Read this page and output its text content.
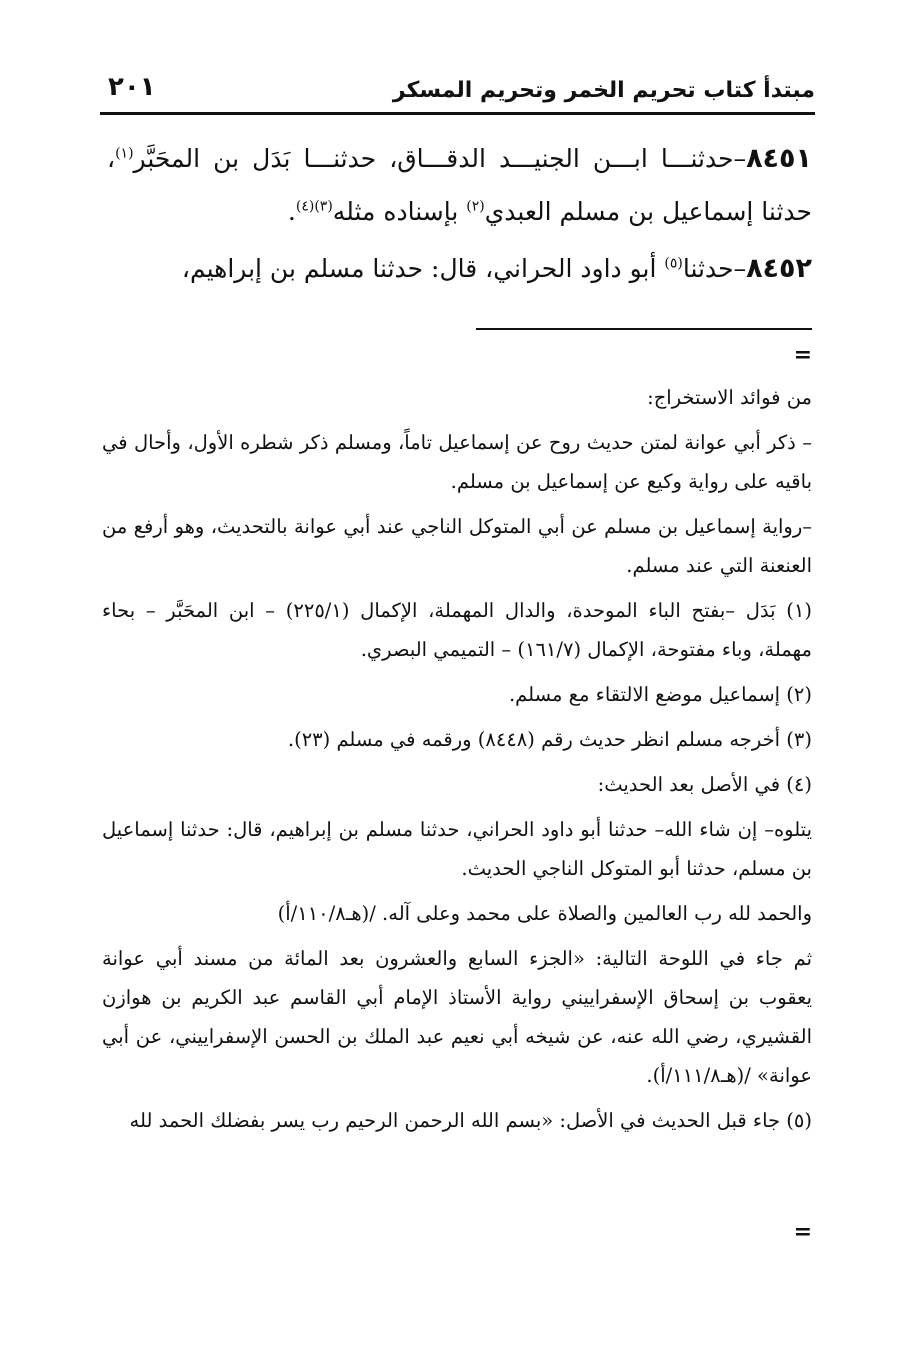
مبتدأ كتاب تحريم الخمر وتحريم المسكر
٢٠١

٨٤٥١–حدثنـــا ابـــن الجنيـــد الدقـــاق، حدثنـــا بَدَل بن المحَبَّر$^{(١)}$، حدثنا إسماعيل بن مسلم العبدي$^{(٢)}$ بإسناده مثله$^{(٣)(٤)}$.

٨٤٥٢–حدثنا$^{(٥)}$ أبو داود الحراني، قال: حدثنا مسلم بن إبراهيم،

=

من فوائد الاستخراج:

– ذكر أبي عوانة لمتن حديث روح عن إسماعيل تاماً، ومسلم ذكر شطره الأول، وأحال في باقيه على رواية وكيع عن إسماعيل بن مسلم.

–رواية إسماعيل بن مسلم عن أبي المتوكل الناجي عند أبي عوانة بالتحديث، وهو أرفع من العنعنة التي عند مسلم.

(١) بَدَل –بفتح الباء الموحدة، والدال المهملة، الإكمال (٢٢٥/١) – ابن المحَبَّر – بحاء مهملة، وباء مفتوحة، الإكمال (١٦١/٧) – التميمي البصري.

(٢) إسماعيل موضع الالتقاء مع مسلم.

(٣) أخرجه مسلم انظر حديث رقم (٨٤٤٨) ورقمه في مسلم (٢٣).

(٤) في الأصل بعد الحديث:

يتلوه– إن شاء الله– حدثنا أبو داود الحراني، حدثنا مسلم بن إبراهيم، قال: حدثنا إسماعيل بن مسلم، حدثنا أبو المتوكل الناجي الحديث.

والحمد لله رب العالمين والصلاة على محمد وعلى آله. /(هـ١١٠/٨/أ)

ثم جاء في اللوحة التالية: «الجزء السابع والعشرون بعد المائة من مسند أبي عوانة يعقوب بن إسحاق الإسفراييني رواية الأستاذ الإمام أبي القاسم عبد الكريم بن هوازن القشيري، رضي الله عنه، عن شيخه أبي نعيم عبد الملك بن الحسن الإسفراييني، عن أبي عوانة» /(هـ١١١/٨/أ).

(٥) جاء قبل الحديث في الأصل: «بسم الله الرحمن الرحيم رب يسر بفضلك الحمد لله

=
